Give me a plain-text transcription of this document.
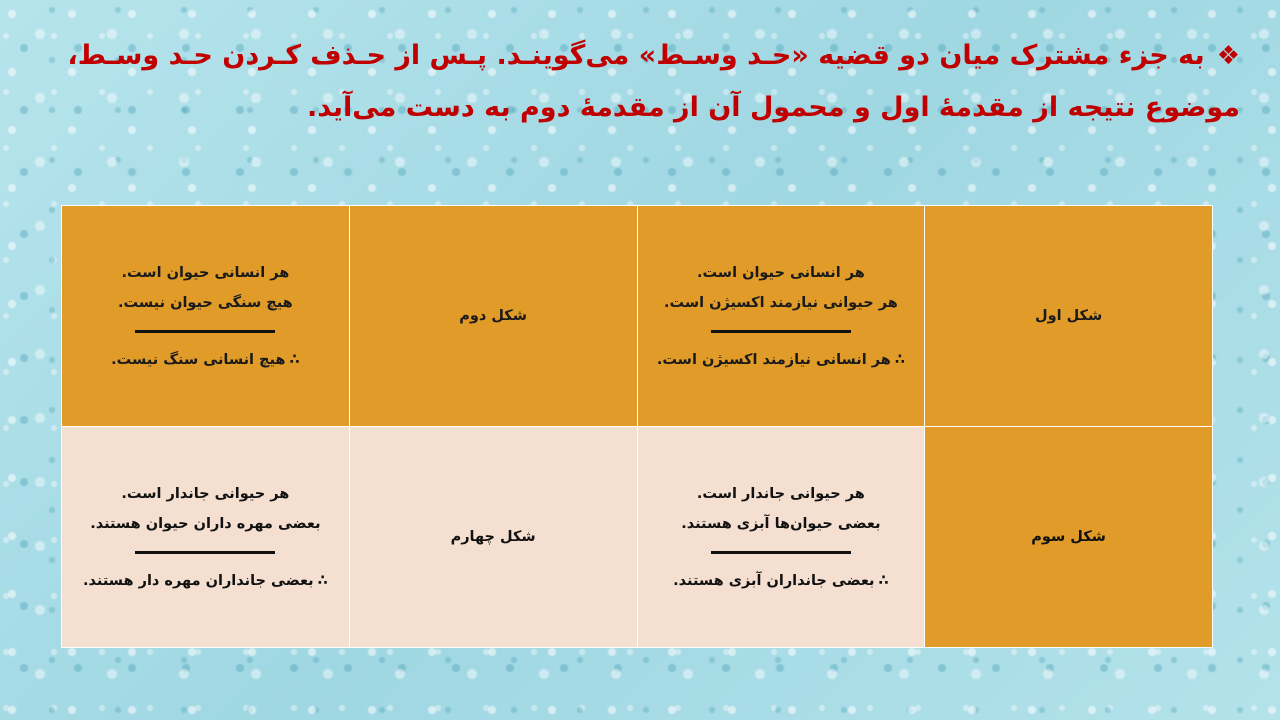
❖به جزء مشترک میان دو قضیه «حـد وسـط» می‌گوینـد. پـس از حـذف کـردن حـد وسـط،
موضوع نتیجه از مقدمهٔ اول و محمول آن از مقدمهٔ دوم به دست می‌آید.
شکل اول	هر انسانی حیوان است.
هر حیوانی نیازمند اکسیژن است.
∴هر انسانی نیازمند اکسیژن است.	شکل دوم	هر انسانی حیوان است.
هیچ سنگی حیوان نیست.
∴هیچ انسانی سنگ نیست.

شکل سوم	هر حیوانی جاندار است.
بعضی حیوان‌ها آبزی هستند.
∴بعضی جانداران آبزی هستند.	شکل چهارم	هر حیوانی جاندار است.
بعضی مهره داران حیوان هستند.
∴بعضی جانداران مهره دار هستند.
